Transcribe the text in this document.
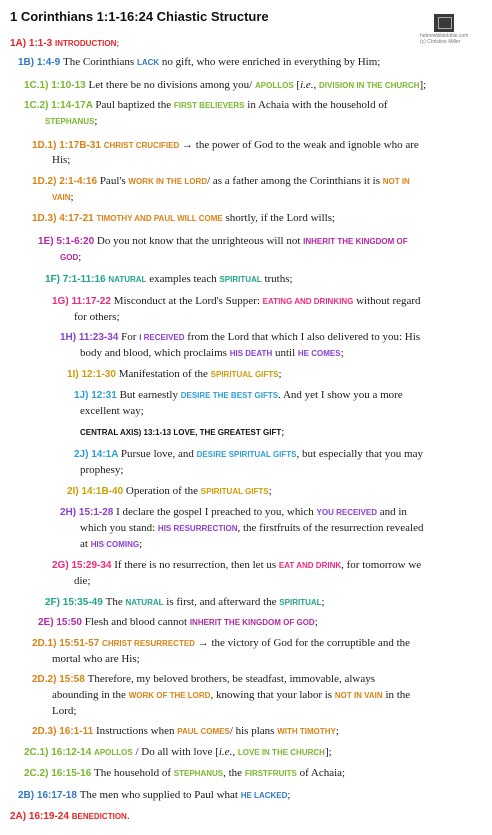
1 Corinthians 1:1-16:24 Chiastic Structure
hebrewbiblebible.com
(c) Christine Miller
1A) 1:1-3 INTRODUCTION;
1B) 1:4-9 The Corinthians LACK no gift, who were enriched in everything by Him;
1C.1) 1:10-13 Let there be no divisions among you/ APOLLOS [i.e., DIVISION IN THE CHURCH];
1C.2) 1:14-17A Paul baptized the FIRST BELIEVERS in Achaia with the household of
STEPHANUS;
1D.1) 1:17B-31 CHRIST CRUCIFIED → the power of God to the weak and ignoble who are
His;
1D.2) 2:1-4:16 Paul's WORK IN THE LORD/ as a father among the Corinthians it is NOT IN
VAIN;
1D.3) 4:17-21 TIMOTHY AND PAUL WILL COME shortly, if the Lord wills;
1E) 5:1-6:20 Do you not know that the unrighteous will not INHERIT THE KINGDOM OF
GOD;
1F) 7:1-11:16 NATURAL examples teach SPIRITUAL truths;
1G) 11:17-22 Misconduct at the Lord's Supper: EATING AND DRINKING without regard
for others;
1H) 11:23-34 For I RECEIVED from the Lord that which I also delivered to you: His
body and blood, which proclaims HIS DEATH until HE COMES;
1I) 12:1-30 Manifestation of the SPIRITUAL GIFTS;
1J) 12:31 But earnestly DESIRE THE BEST GIFTS. And yet I show you a more
excellent way;
CENTRAL AXIS) 13:1-13 LOVE, THE GREATEST GIFT;
2J) 14:1A Pursue love, and DESIRE SPIRITUAL GIFTS, but especially that you may
prophesy;
2I) 14:1B-40 Operation of the SPIRITUAL GIFTS;
2H) 15:1-28 I declare the gospel I preached to you, which YOU RECEIVED and in
which you stand: HIS RESURRECTION, the firstfruits of the resurrection revealed
at HIS COMING;
2G) 15:29-34 If there is no resurrection, then let us EAT AND DRINK, for tomorrow we
die;
2F) 15:35-49 The NATURAL is first, and afterward the SPIRITUAL;
2E) 15:50 Flesh and blood cannot INHERIT THE KINGDOM OF GOD;
2D.1) 15:51-57 CHRIST RESURRECTED → the victory of God for the corruptible and the
mortal who are His;
2D.2) 15:58 Therefore, my beloved brothers, be steadfast, immovable, always
abounding in the WORK OF THE LORD, knowing that your labor is NOT IN VAIN in the
Lord;
2D.3) 16:1-11 Instructions when PAUL COMES/ his plans WITH TIMOTHY;
2C.1) 16:12-14 APOLLOS / Do all with love [i.e., LOVE IN THE CHURCH];
2C.2) 16:15-16 The household of STEPHANUS, the FIRSTFRUITS of Achaia;
2B) 16:17-18 The men who supplied to Paul what HE LACKED;
2A) 16:19-24 BENEDICTION.
